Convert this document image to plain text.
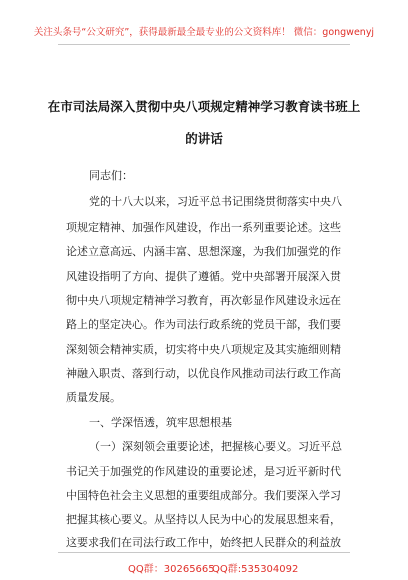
关注头条号“公文研究”，获得最新最全最专业的公文资料库！ 微信：gongwenyj
在市司法局深入贯彻中央八项规定精神学习教育读书班上
的讲话
同志们：
党的十八大以来，习近平总书记围绕贯彻落实中央八
项规定精神、加强作风建设，作出一系列重要论述。这些
论述立意高远、内涵丰富、思想深邃，为我们加强党的作
风建设指明了方向、提供了遵循。党中央部署开展深入贯
彻中央八项规定精神学习教育，再次彰显作风建设永远在
路上的坚定决心。作为司法行政系统的党员干部，我们要
深刻领会精神实质，切实将中央八项规定及其实施细则精
神融入职责、落到行动，以优良作风推动司法行政工作高
质量发展。
一、学深悟透，筑牢思想根基
（一）深刻领会重要论述，把握核心要义。习近平总
书记关于加强党的作风建设的重要论述，是习近平新时代
中国特色社会主义思想的重要组成部分。我们要深入学习
把握其核心要义。从坚持以人民为中心的发展思想来看，
这要求我们在司法行政工作中，始终把人民群众的利益放
QQ群：30265665
QQ群:535304092
